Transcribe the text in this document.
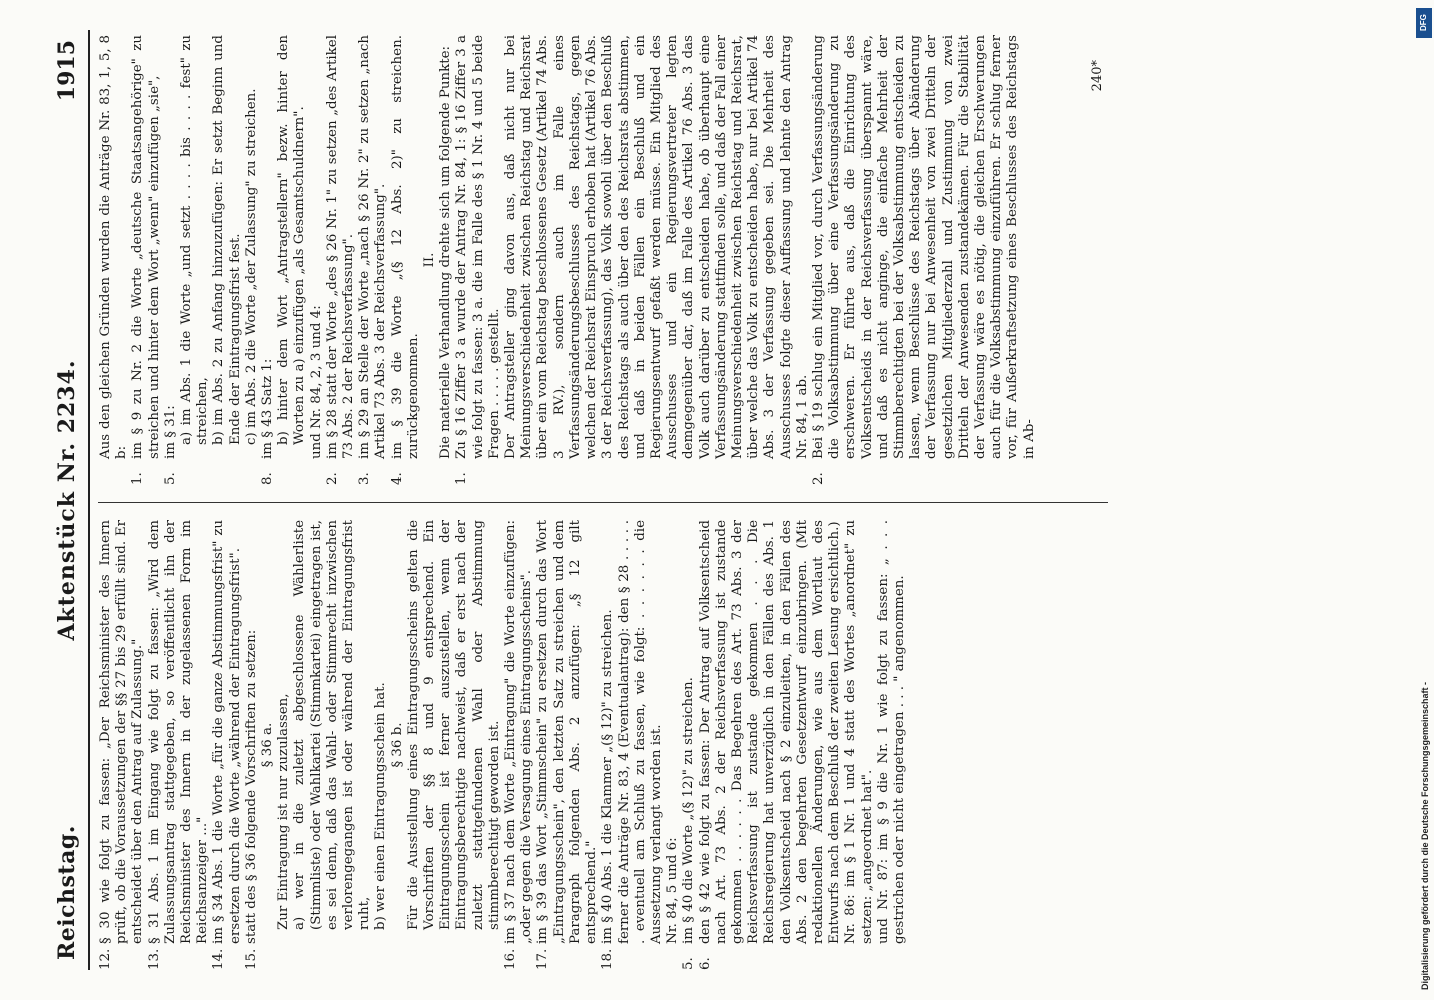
Reichstag.
Aktenstück Nr. 2234.
1915

12.§ 30 wie folgt zu fassen: „Der Reichsminister des Innern prüft, ob die Voraussetzungen der §§ 27 bis 29 erfüllt sind. Er entscheidet über den Antrag auf Zulassung."

13.§ 31 Abs. 1 im Eingang wie folgt zu fassen: „Wird dem Zulassungsantrag stattgegeben, so veröffentlicht ihn der Reichsminister des Innern in der zugelassenen Form im Reichsanzeiger ..."

14.im § 34 Abs. 1 die Worte „für die ganze Abstimmungsfrist" zu ersetzen durch die Worte „während der Eintragungsfrist".

15.statt des § 36 folgende Vorschriften zu setzen: § 36 a. Zur Eintragung ist nur zuzulassen, a) wer in die zuletzt abgeschlossene Wählerliste (Stimmliste) oder Wahlkartei (Stimmkartei) eingetragen ist, es sei denn, daß das Wahl- oder Stimmrecht inzwischen verlorengegangen ist oder während der Eintragungsfrist ruht, b) wer einen Eintragungsschein hat. § 36 b. Für die Ausstellung eines Eintragungsscheins gelten die Vorschriften der §§ 8 und 9 entsprechend. Ein Eintragungsschein ist ferner auszustellen, wenn der Eintragungsberechtigte nachweist, daß er erst nach der zuletzt stattgefundenen Wahl oder Abstimmung stimmberechtigt geworden ist.

16.im § 37 nach dem Worte „Eintragung" die Worte einzufügen: „oder gegen die Versagung eines Eintragungsscheins".

17.im § 39 das Wort „Stimmschein" zu ersetzen durch das Wort „Eintragungsschein", den letzten Satz zu streichen und dem Paragraph folgenden Abs. 2 anzufügen: „§ 12 gilt entsprechend."

18.im § 40 Abs. 1 die Klammer „(§ 12)" zu streichen. ferner die Anträge Nr. 83, 4 (Eventualantrag): den § 28 . . . . . . eventuell am Schluß zu fassen, wie folgt: . . . . . . die Aussetzung verlangt worden ist. Nr. 84, 5 und 6:

5.im § 40 die Worte „(§ 12)" zu streichen.

6.den § 42 wie folgt zu fassen: Der Antrag auf Volksentscheid nach Art. 73 Abs. 2 der Reichsverfassung ist zustande gekommen . . . . . . Das Begehren des Art. 73 Abs. 3 der Reichsverfassung ist zustande gekommen . . . Die Reichsregierung hat unverzüglich in den Fällen des Abs. 1 den Volksentscheid nach § 2 einzuleiten, in den Fällen des Abs. 2 den begehrten Gesetzentwurf einzubringen. (Mit redaktionellen Änderungen, wie aus dem Wortlaut des Entwurfs nach dem Beschluß der zweiten Lesung ersichtlich.) Nr. 86: im § 1 Nr. 1 und 4 statt des Wortes „anordnet" zu setzen: „angeordnet hat". und Nr. 87: im § 9 die Nr. 1 wie folgt zu fassen: „ . . . gestrichen oder nicht eingetragen . . . " angenommen.

Aus den gleichen Gründen wurden die Anträge Nr. 83, 1, 5, 8 b:

1.im § 9 zu Nr. 2 die Worte „deutsche Staatsangehörige" zu streichen und hinter dem Wort „wenn" einzufügen „sie",

5.im § 31: a) im Abs. 1 die Worte „und setzt . . . . bis . . . . fest" zu streichen, b) im Abs. 2 zu Anfang hinzuzufügen: Er setzt Beginn und Ende der Eintragungsfrist fest. c) im Abs. 2 die Worte „der Zulassung" zu streichen.

8.im § 43 Satz 1: b) hinter dem Wort „Antragstellern" bezw. hinter den Worten zu a) einzufügen „als Gesamtschuldnern". und Nr. 84, 2, 3 und 4:

2.im § 28 statt der Worte „des § 26 Nr. 1" zu setzen „des Artikel 73 Abs. 2 der Reichsverfassung".

3.im § 29 an Stelle der Worte „nach § 26 Nr. 2" zu setzen „nach Artikel 73 Abs. 3 der Reichsverfassung".

4.im § 39 die Worte „(§ 12 Abs. 2)" zu streichen. zurückgenommen.

II. Die materielle Verhandlung drehte sich um folgende Punkte:

1.Zu § 16 Ziffer 3 a wurde der Antrag Nr. 84, 1: § 16 Ziffer 3 a wie folgt zu fassen: 3 a. die im Falle des § 1 Nr. 4 und 5 beide Fragen . . . . . gestellt. Der Antragsteller ging davon aus, daß nicht nur bei Meinungsverschiedenheit zwischen Reichstag und Reichsrat über ein vom Reichstag beschlossenes Gesetz (Artikel 74 Abs. 3 RV.), sondern auch im Falle eines Verfassungsänderungsbeschlusses des Reichstags, gegen welchen der Reichsrat Einspruch erhoben hat (Artikel 76 Abs. 3 der Reichsverfassung), das Volk sowohl über den Beschluß des Reichstags als auch über den des Reichsrats abstimmen, und daß in beiden Fällen ein Beschluß und ein Regierungsentwurf gefaßt werden müsse. Ein Mitglied des Ausschusses und ein Regierungsvertreter legten demgegenüber dar, daß im Falle des Artikel 76 Abs. 3 das Volk auch darüber zu entscheiden habe, ob überhaupt eine Verfassungsänderung stattfinden solle, und daß der Fall einer Meinungsverschiedenheit zwischen Reichstag und Reichsrat, über welche das Volk zu entscheiden habe, nur bei Artikel 74 Abs. 3 der Verfassung gegeben sei. Die Mehrheit des Ausschusses folgte dieser Auffassung und lehnte den Antrag Nr. 84, 1 ab.

2.Bei § 19 schlug ein Mitglied vor, durch Verfassungsänderung die Volksabstimmung über eine Verfassungsänderung zu erschweren. Er führte aus, daß die Einrichtung des Volksentscheids in der Reichsverfassung überspannt wäre, und daß es nicht anginge, die einfache Mehrheit der Stimmberechtigten bei der Volksabstimmung entscheiden zu lassen, wenn Beschlüsse des Reichstags über Abänderung der Verfassung nur bei Anwesenheit von zwei Dritteln der gesetzlichen Mitgliederzahl und Zustimmung von zwei Dritteln der Anwesenden zustandekämen. Für die Stabilität der Verfassung wäre es nötig, die gleichen Erschwerungen auch für die Volksabstimmung einzuführen. Er schlug ferner vor, für Außerkraftsetzung eines Beschlusses des Reichstags in Ab-

240*
DFG
Digitalisierung gefördert durch die Deutsche Forschungsgemeinschaft -
